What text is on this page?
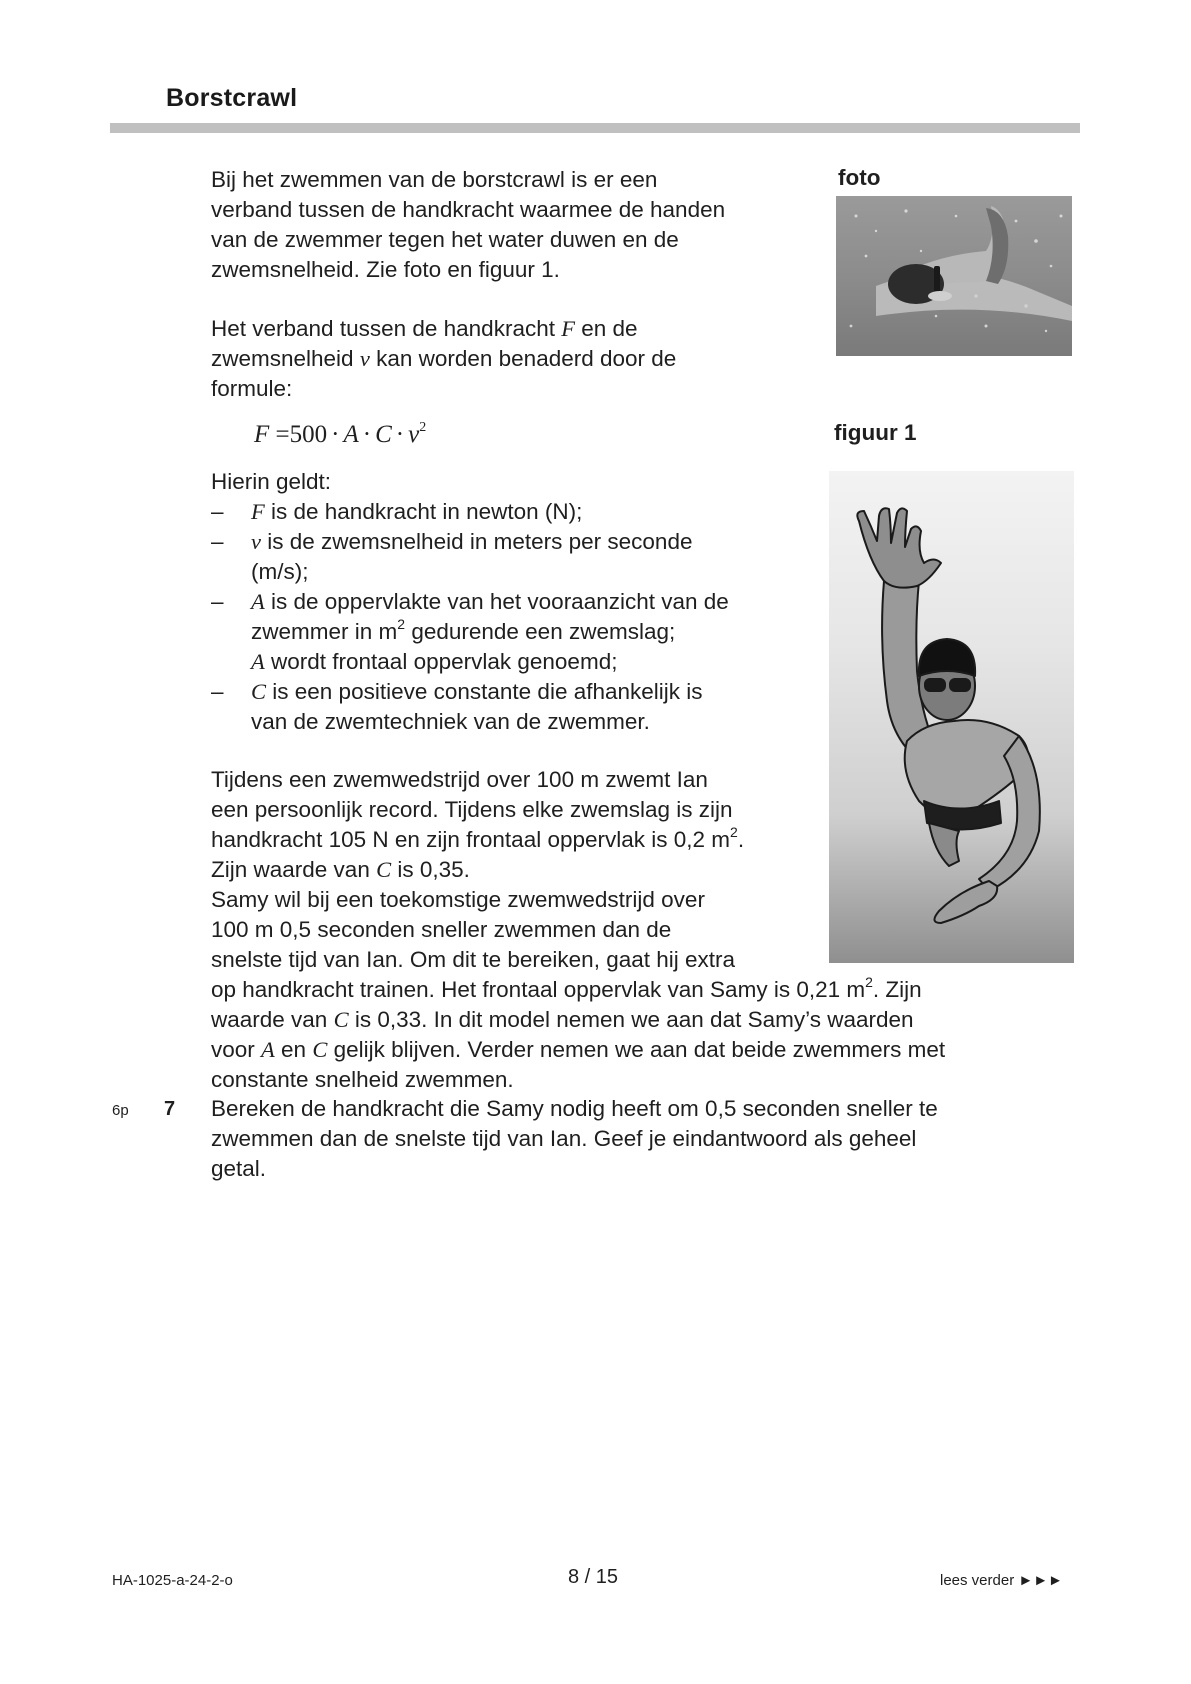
Borstcrawl
Bij het zwemmen van de borstcrawl is er een
verband tussen de handkracht waarmee de handen
van de zwemmer tegen het water duwen en de
zwemsnelheid. Zie foto en figuur 1.
Het verband tussen de handkracht F en de
zwemsnelheid v kan worden benaderd door de
formule:
$F =500 \cdot A \cdot C \cdot v^2$
Hierin geldt:
–	F is de handkracht in newton (N);
–	v is de zwemsnelheid in meters per seconde
(m/s);
–	A is de oppervlakte van het vooraanzicht van de
zwemmer in $m^2$ gedurende een zwemslag;
A wordt frontaal oppervlak genoemd;
–	C is een positieve constante die afhankelijk is
van de zwemtechniek van de zwemmer.
Tijdens een zwemwedstrijd over 100 m zwemt Ian
een persoonlijk record. Tijdens elke zwemslag is zijn
handkracht 105 N en zijn frontaal oppervlak is 0,2 $m^2$.
Zijn waarde van C is 0,35.
Samy wil bij een toekomstige zwemwedstrijd over
100 m 0,5 seconden sneller zwemmen dan de
snelste tijd van Ian. Om dit te bereiken, gaat hij extra
op handkracht trainen. Het frontaal oppervlak van Samy is 0,21 $m^2$. Zijn
waarde van C is 0,33. In dit model nemen we aan dat Samy’s waarden
voor A en C gelijk blijven. Verder nemen we aan dat beide zwemmers met
constante snelheid zwemmen.
6p 7 Bereken de handkracht die Samy nodig heeft om 0,5 seconden sneller te
zwemmen dan de snelste tijd van Ian. Geef je eindantwoord als geheel
getal.
foto
figuur 1
HA-1025-a-24-2-o	8 / 15	lees verder ►►►
